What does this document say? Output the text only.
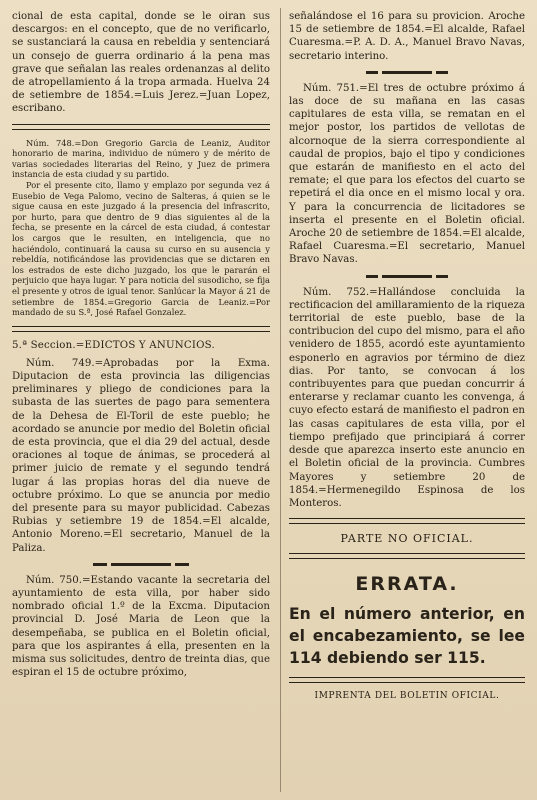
cional de esta capital, donde se le oiran sus descargos: en el concepto, que de no verificarlo, se sustanciará la causa en rebeldia y sentenciará un consejo de guerra ordinario á la pena mas grave que señalan las reales ordenanzas al delito de atropellamiento á la tropa armada. Huelva 24 de setiembre de 1854.=Luis Jerez.=Juan Lopez, escribano.

Núm. 748.=Don Gregorio Garcia de Leaniz, Auditor honorario de marina, individuo de número y de mérito de varias sociedades literarias del Reino, y Juez de primera instancia de esta ciudad y su partido.

Por el presente cito, llamo y emplazo por segunda vez á Eusebio de Vega Palomo, vecino de Salteras, á quien se le sigue causa en este juzgado á la presencia del infrascrito, por hurto, para que dentro de 9 dias siguientes al de la fecha, se presente en la cárcel de esta ciudad, á contestar los cargos que le resulten, en inteligencia, que no haciéndolo, continuará la causa su curso en su ausencia y rebeldía, notificándose las providencias que se dictaren en los estrados de este dicho juzgado, los que le pararán el perjuicio que haya lugar. Y para noticia del susodicho, se fija el presente y otros de igual tenor. Sanlúcar la Mayor á 21 de setiembre de 1854.=Gregorio Garcia de Leaniz.=Por mandado de su S.ª, José Rafael Gonzalez.

5.ª Seccion.=EDICTOS Y ANUNCIOS.

Núm. 749.=Aprobadas por la Exma. Diputacion de esta provincia las diligencias preliminares y pliego de condiciones para la subasta de las suertes de pago para sementera de la Dehesa de El-Toril de este pueblo; he acordado se anuncie por medio del Boletin oficial de esta provincia, que el dia 29 del actual, desde oraciones al toque de ánimas, se procederá al primer juicio de remate y el segundo tendrá lugar á las propias horas del dia nueve de octubre próximo. Lo que se anuncia por medio del presente para su mayor publicidad. Cabezas Rubias y setiembre 19 de 1854.=El alcalde, Antonio Moreno.=El secretario, Manuel de la Paliza.

Núm. 750.=Estando vacante la secretaria del ayuntamiento de esta villa, por haber sido nombrado oficial 1.º de la Excma. Diputacion provincial D. José Maria de Leon que la desempeñaba, se publica en el Boletin oficial, para que los aspirantes á ella, presenten en la misma sus solicitudes, dentro de treinta dias, que espiran el 15 de octubre próximo,

señalándose el 16 para su provicion. Aroche 15 de setiembre de 1854.=El alcalde, Rafael Cuaresma.=P. A. D. A., Manuel Bravo Navas, secretario interino.

Núm. 751.=El tres de octubre próximo á las doce de su mañana en las casas capitulares de esta villa, se rematan en el mejor postor, los partidos de vellotas de alcornoque de la sierra correspondiente al caudal de propios, bajo el tipo y condiciones que estarán de manifiesto en el acto del remate; el que para los efectos del cuarto se repetirá el dia once en el mismo local y ora. Y para la concurrencia de licitadores se inserta el presente en el Boletin oficial. Aroche 20 de setiembre de 1854.=El alcalde, Rafael Cuaresma.=El secretario, Manuel Bravo Navas.

Núm. 752.=Hallándose concluida la rectificacion del amillaramiento de la riqueza territorial de este pueblo, base de la contribucion del cupo del mismo, para el año venidero de 1855, acordó este ayuntamiento esponerlo en agravios por término de diez dias. Por tanto, se convocan á los contribuyentes para que puedan concurrir á enterarse y reclamar cuanto les convenga, á cuyo efecto estará de manifiesto el padron en las casas capitulares de esta villa, por el tiempo prefijado que principiará á correr desde que aparezca inserto este anuncio en el Boletin oficial de la provincia. Cumbres Mayores y setiembre 20 de 1854.=Hermenegildo Espinosa de los Monteros.

PARTE NO OFICIAL.
ERRATA.

En el número anterior, en el encabezamiento, se lee 114 debiendo ser 115.

IMPRENTA DEL BOLETIN OFICIAL.
